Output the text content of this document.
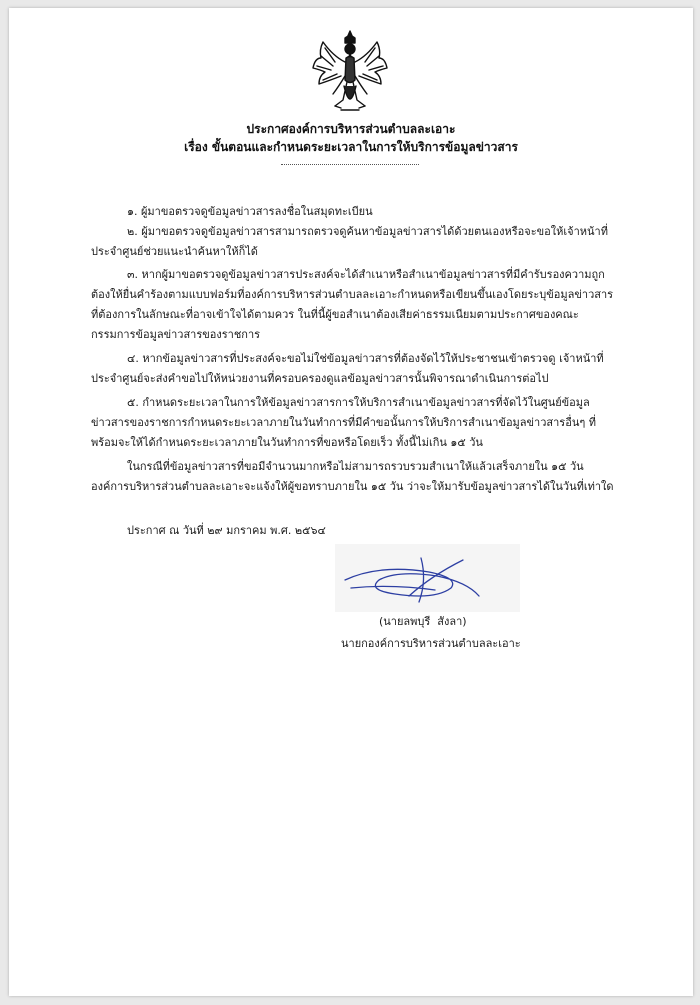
ประกาศองค์การบริหารส่วนตำบลละเอาะ

เรื่อง ขั้นตอนและกำหนดระยะเวลาในการให้บริการข้อมูลข่าวสาร

๑. ผู้มาขอตรวจดูข้อมูลข่าวสารลงชื่อในสมุดทะเบียน

๒. ผู้มาขอตรวจดูข้อมูลข่าวสารสามารถตรวจดูค้นหาข้อมูลข่าวสารได้ด้วยตนเองหรือจะขอให้เจ้าหน้าที่ประจำศูนย์ช่วยแนะนำค้นหาให้ก็ได้

๓. หากผู้มาขอตรวจดูข้อมูลข่าวสารประสงค์จะได้สำเนาหรือสำเนาข้อมูลข่าวสารที่มีคำรับรองความถูกต้องให้ยื่นคำร้องตามแบบฟอร์มที่องค์การบริหารส่วนตำบลละเอาะกำหนดหรือเขียนขึ้นเองโดยระบุข้อมูลข่าวสารที่ต้องการในลักษณะที่อาจเข้าใจได้ตามควร ในที่นี้ผู้ขอสำเนาต้องเสียค่าธรรมเนียมตามประกาศของคณะกรรมการข้อมูลข่าวสารของราชการ

๔. หากข้อมูลข่าวสารที่ประสงค์จะขอไม่ใช่ข้อมูลข่าวสารที่ต้องจัดไว้ให้ประชาชนเข้าตรวจดู เจ้าหน้าที่ประจำศูนย์จะส่งคำขอไปให้หน่วยงานที่ครอบครองดูแลข้อมูลข่าวสารนั้นพิจารณาดำเนินการต่อไป

๕. กำหนดระยะเวลาในการให้ข้อมูลข่าวสารการให้บริการสำเนาข้อมูลข่าวสารที่จัดไว้ในศูนย์ข้อมูลข่าวสารของราชการกำหนดระยะเวลาภายในวันทำการที่มีคำขอนั้นการให้บริการสำเนาข้อมูลข่าวสารอื่นๆ ที่พร้อมจะให้ได้กำหนดระยะเวลาภายในวันทำการที่ขอหรือโดยเร็ว ทั้งนี้ไม่เกิน ๑๕ วัน

ในกรณีที่ข้อมูลข่าวสารที่ขอมีจำนวนมากหรือไม่สามารถรวบรวมสำเนาให้แล้วเสร็จภายใน ๑๕ วัน องค์การบริหารส่วนตำบลละเอาะจะแจ้งให้ผู้ขอทราบภายใน ๑๕ วัน ว่าจะให้มารับข้อมูลข่าวสารได้ในวันที่เท่าใด

ประกาศ ณ วันที่ ๒๙ มกราคม พ.ศ. ๒๕๖๔

(นายลพบุรี  สังลา)
นายกองค์การบริหารส่วนตำบลละเอาะ
